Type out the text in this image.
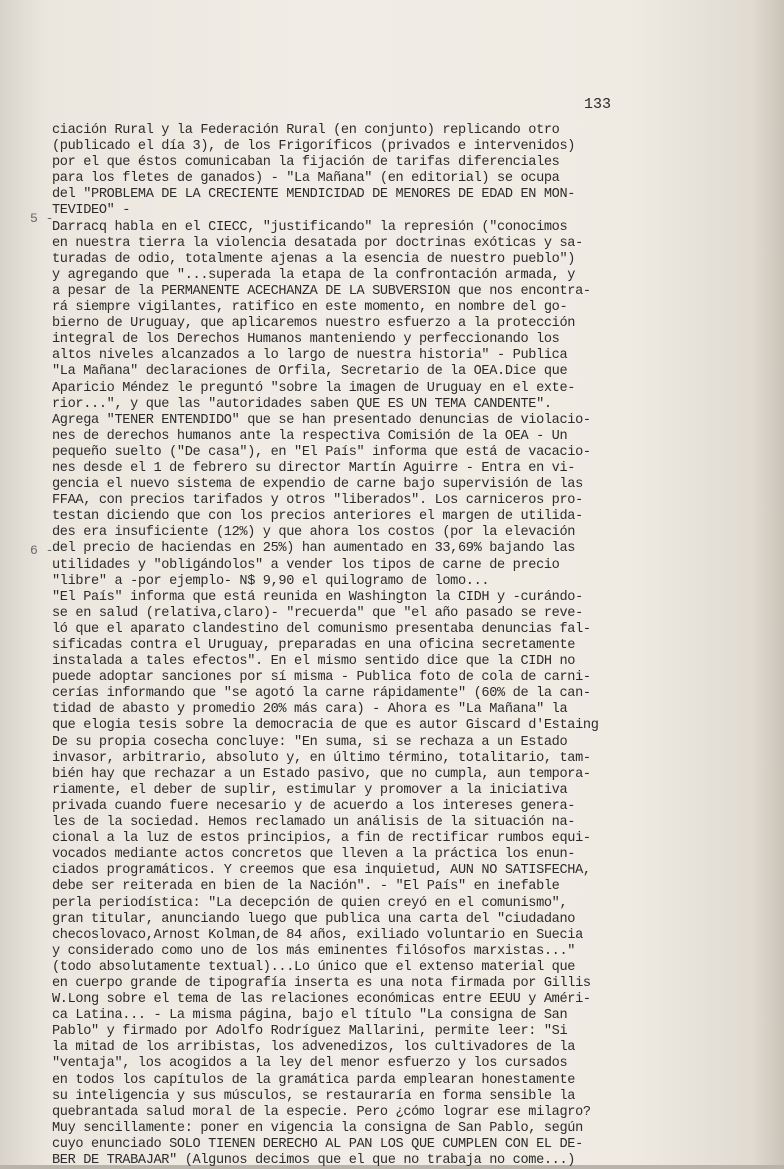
133
5 -
6 -
ciación Rural y la Federación Rural (en conjunto) replicando otro
(publicado el día 3), de los Frigoríficos (privados e intervenidos)
por el que éstos comunicaban la fijación de tarifas diferenciales
para los fletes de ganados) - "La Mañana" (en editorial) se ocupa
del "PROBLEMA DE LA CRECIENTE MENDICIDAD DE MENORES DE EDAD EN MON-
TEVIDEO" -
Darracq habla en el CIECC, "justificando" la represión ("conocimos
en nuestra tierra la violencia desatada por doctrinas exóticas y sa-
turadas de odio, totalmente ajenas a la esencia de nuestro pueblo")
y agregando que "...superada la etapa de la confrontación armada, y
a pesar de la PERMANENTE ACECHANZA DE LA SUBVERSION que nos encontra-
rá siempre vigilantes, ratifico en este momento, en nombre del go-
bierno de Uruguay, que aplicaremos nuestro esfuerzo a la protección
integral de los Derechos Humanos manteniendo y perfeccionando los
altos niveles alcanzados a lo largo de nuestra historia" - Publica
"La Mañana" declaraciones de Orfila, Secretario de la OEA.Dice que
Aparicio Méndez le preguntó "sobre la imagen de Uruguay en el exte-
rior...", y que las "autoridades saben QUE ES UN TEMA CANDENTE".
Agrega "TENER ENTENDIDO" que se han presentado denuncias de violacio-
nes de derechos humanos ante la respectiva Comisión de la OEA - Un
pequeño suelto ("De casa"), en "El País" informa que está de vacacio-
nes desde el 1 de febrero su director Martín Aguirre - Entra en vi-
gencia el nuevo sistema de expendio de carne bajo supervisión de las
FFAA, con precios tarifados y otros "liberados". Los carniceros pro-
testan diciendo que con los precios anteriores el margen de utilida-
des era insuficiente (12%) y que ahora los costos (por la elevación
del precio de haciendas en 25%) han aumentado en 33,69% bajando las
utilidades y "obligándolos" a vender los tipos de carne de precio
"libre" a -por ejemplo- N$ 9,90 el quilogramo de lomo...
"El País" informa que está reunida en Washington la CIDH y -curándo-
se en salud (relativa,claro)- "recuerda" que "el año pasado se reve-
ló que el aparato clandestino del comunismo presentaba denuncias fal-
sificadas contra el Uruguay, preparadas en una oficina secretamente
instalada a tales efectos". En el mismo sentido dice que la CIDH no
puede adoptar sanciones por sí misma - Publica foto de cola de carni-
cerías informando que "se agotó la carne rápidamente" (60% de la can-
tidad de abasto y promedio 20% más cara) - Ahora es "La Mañana" la
que elogia tesis sobre la democracia de que es autor Giscard d'Estaing
De su propia cosecha concluye: "En suma, si se rechaza a un Estado
invasor, arbitrario, absoluto y, en último término, totalitario, tam-
bién hay que rechazar a un Estado pasivo, que no cumpla, aun tempora-
riamente, el deber de suplir, estimular y promover a la iniciativa
privada cuando fuere necesario y de acuerdo a los intereses genera-
les de la sociedad. Hemos reclamado un análisis de la situación na-
cional a la luz de estos principios, a fin de rectificar rumbos equi-
vocados mediante actos concretos que lleven a la práctica los enun-
ciados programáticos. Y creemos que esa inquietud, AUN NO SATISFECHA,
debe ser reiterada en bien de la Nación". - "El País" en inefable
perla periodística: "La decepción de quien creyó en el comunismo",
gran titular, anunciando luego que publica una carta del "ciudadano
checoslovaco,Arnost Kolman,de 84 años, exiliado voluntario en Suecia
y considerado como uno de los más eminentes filósofos marxistas..."
(todo absolutamente textual)...Lo único que el extenso material que
en cuerpo grande de tipografía inserta es una nota firmada por Gillis
W.Long sobre el tema de las relaciones económicas entre EEUU y Améri-
ca Latina... - La misma página, bajo el título "La consigna de San
Pablo" y firmado por Adolfo Rodríguez Mallarini, permite leer: "Si
la mitad de los arribistas, los advenedizos, los cultivadores de la
"ventaja", los acogidos a la ley del menor esfuerzo y los cursados
en todos los capítulos de la gramática parda emplearan honestamente
su inteligencia y sus músculos, se restauraría en forma sensible la
quebrantada salud moral de la especie. Pero ¿cómo lograr ese milagro?
Muy sencillamente: poner en vigencia la consigna de San Pablo, según
cuyo enunciado SOLO TIENEN DERECHO AL PAN LOS QUE CUMPLEN CON EL DE-
BER DE TRABAJAR" (Algunos decimos que el que no trabaja no come...)
